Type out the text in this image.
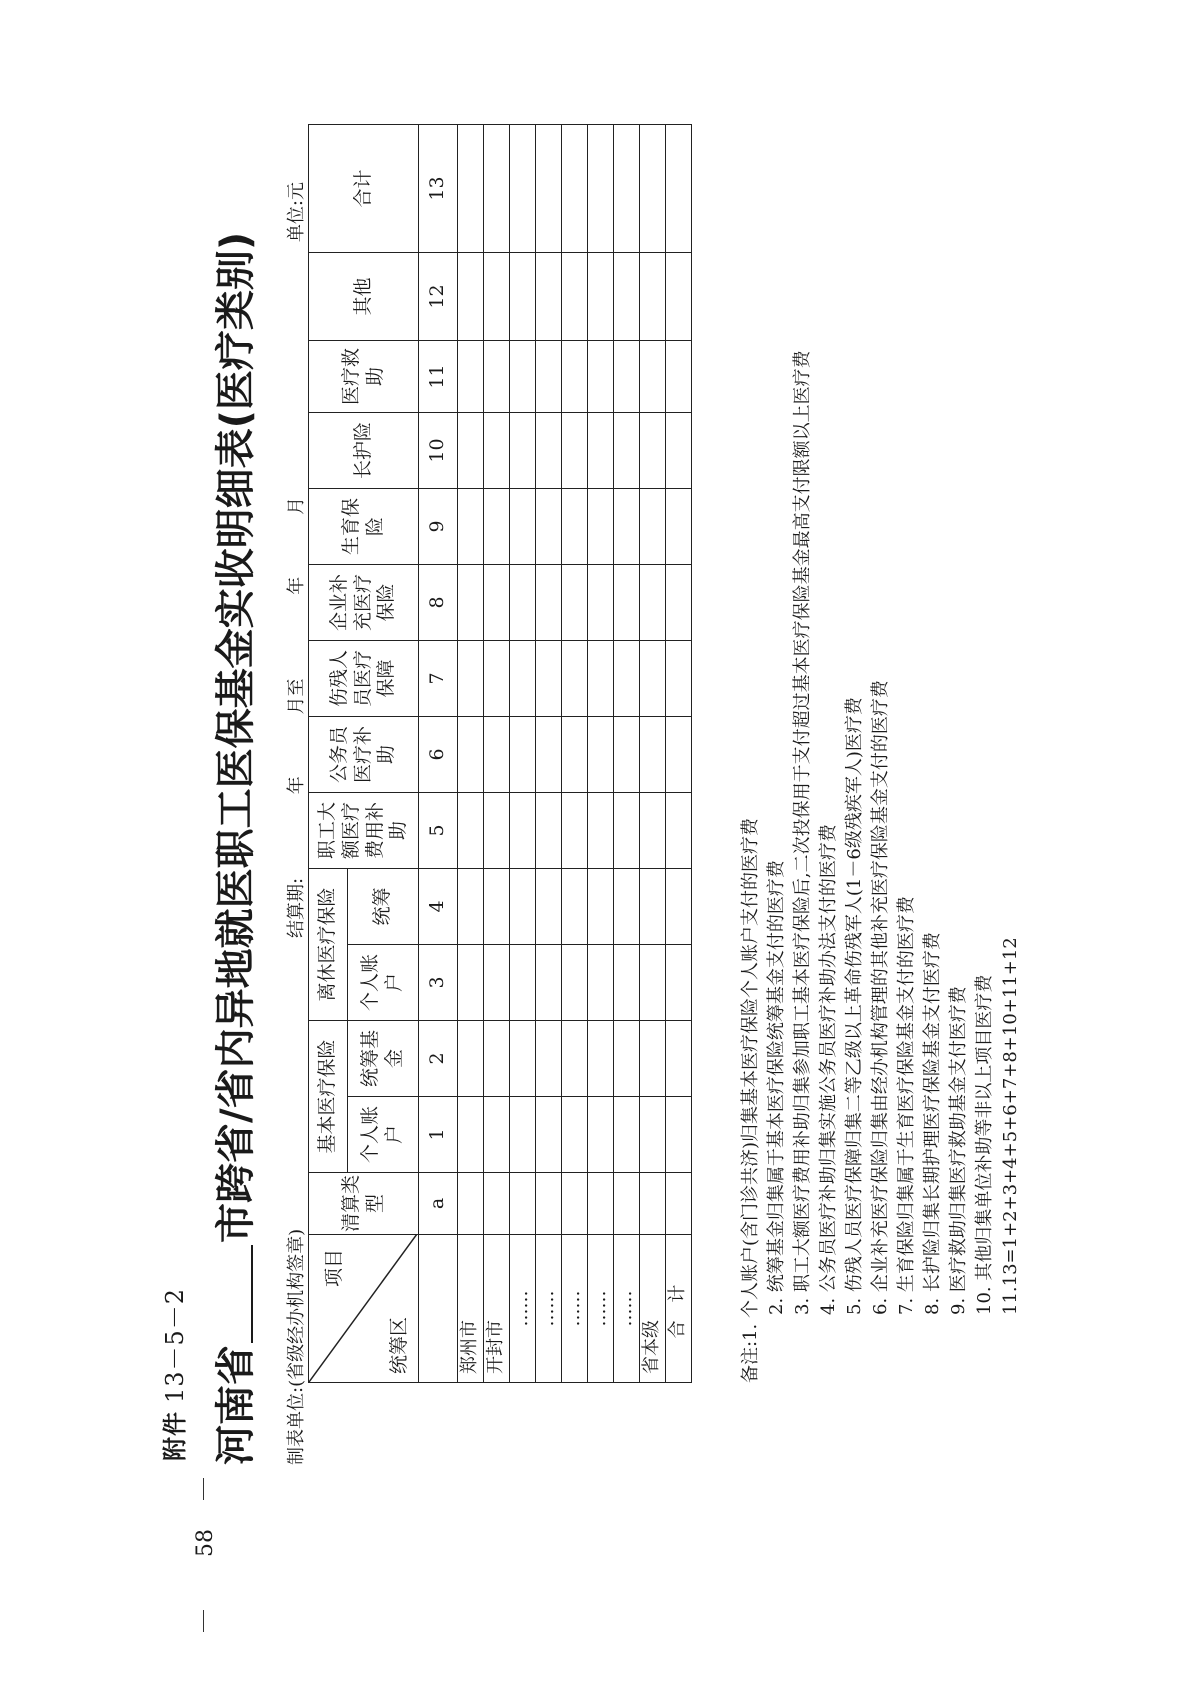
58
附件13－5－2 河南省
市跨省/省内异地就医职工医保基金实收明细表(医疗类别)
制表单位:(省级经办机构签章)
结算期: 年 月至 年 月
单位:元
项目
统筹区	清算类型	基本医疗保险		离休医疗保险		职工大额医疗费用补助	公务员医疗补助	伤残人员医疗保障	企业补充医疗保险	生育保险	长护险	医疗救助	其他	合计
		个人账户	统筹基金	个人账户	统筹									
	a	1	2	3	4	5	6	7	8	9	10	11	12	13
郑州市														
开封市														
……														
……														
……														
……														
……														
省本级														
合 计															备注:1. 个人账户(含门诊共济)归集基本医疗保险个人账户支付的医疗费 2. 统筹基金归集属于基本医疗保险统筹基金支付的医疗费 3. 职工大额医疗费用补助归集参加职工基本医疗保险后,二次投保用于支付超过基本医疗保险基金最高支付限额以上医疗费 4. 公务员医疗补助归集实施公务员医疗补助办法支付的医疗费 5. 伤残人员医疗保障归集二等乙级以上革命伤残军人(1－6级残疾军人)医疗费 6. 企业补充医疗保险归集由经办机构管理的其他补充医疗保险基金支付的医疗费 7. 生育保险归集属于生育医疗保险基金支付的医疗费 8. 长护险归集长期护理医疗保险基金支付医疗费 9. 医疗救助归集医疗救助基金支付医疗费 10. 其他归集单位补助等非以上项目医疗费 11.13=1+2+3+4+5+6+7+8+10+11+12
